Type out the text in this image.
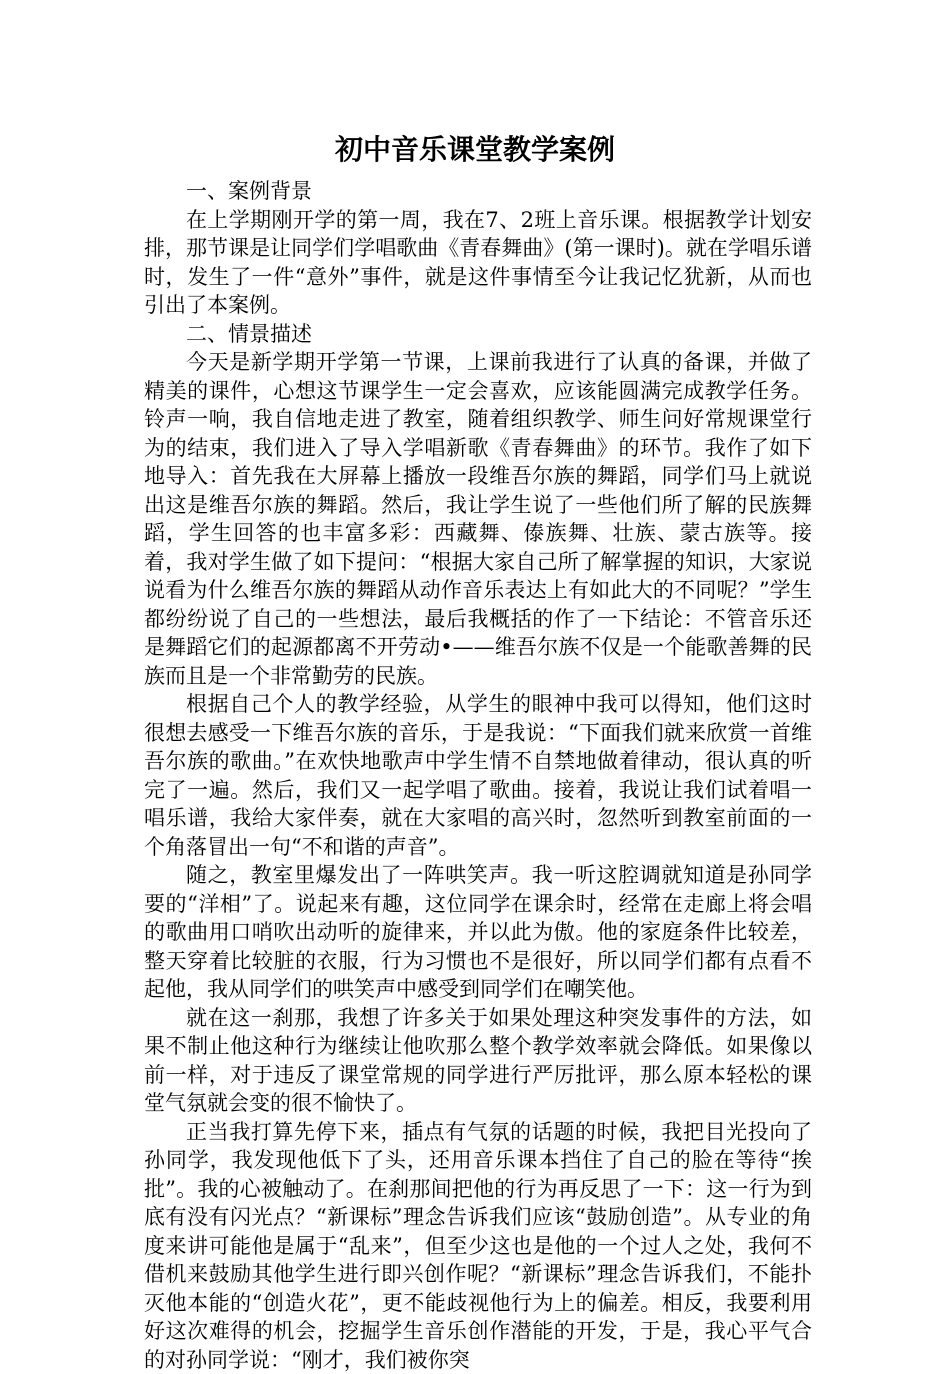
初中音乐课堂教学案例

一、案例背景

在上学期刚开学的第一周，我在7、2班上音乐课。根据教学计划安排，那节课是让同学们学唱歌曲《青春舞曲》(第一课时)。就在学唱乐谱时，发生了一件“意外”事件，就是这件事情至今让我记忆犹新，从而也引出了本案例。

二、情景描述

今天是新学期开学第一节课，上课前我进行了认真的备课，并做了精美的课件，心想这节课学生一定会喜欢，应该能圆满完成教学任务。铃声一响，我自信地走进了教室，随着组织教学、师生问好常规课堂行为的结束，我们进入了导入学唱新歌《青春舞曲》的环节。我作了如下地导入：首先我在大屏幕上播放一段维吾尔族的舞蹈，同学们马上就说出这是维吾尔族的舞蹈。然后，我让学生说了一些他们所了解的民族舞蹈，学生回答的也丰富多彩：西藏舞、傣族舞、壮族、蒙古族等。接着，我对学生做了如下提问：“根据大家自己所了解掌握的知识，大家说说看为什么维吾尔族的舞蹈从动作音乐表达上有如此大的不同呢？”学生都纷纷说了自己的一些想法，最后我概括的作了一下结论：不管音乐还是舞蹈它们的起源都离不开劳动•——维吾尔族不仅是一个能歌善舞的民族而且是一个非常勤劳的民族。

根据自己个人的教学经验，从学生的眼神中我可以得知，他们这时很想去感受一下维吾尔族的音乐，于是我说：“下面我们就来欣赏一首维吾尔族的歌曲。”在欢快地歌声中学生情不自禁地做着律动，很认真的听完了一遍。然后，我们又一起学唱了歌曲。接着，我说让我们试着唱一唱乐谱，我给大家伴奏，就在大家唱的高兴时，忽然听到教室前面的一个角落冒出一句“不和谐的声音”。

随之，教室里爆发出了一阵哄笑声。我一听这腔调就知道是孙同学要的“洋相”了。说起来有趣，这位同学在课余时，经常在走廊上将会唱的歌曲用口哨吹出动听的旋律来，并以此为傲。他的家庭条件比较差，整天穿着比较脏的衣服，行为习惯也不是很好，所以同学们都有点看不起他，我从同学们的哄笑声中感受到同学们在嘲笑他。

就在这一刹那，我想了许多关于如果处理这种突发事件的方法，如果不制止他这种行为继续让他吹那么整个教学效率就会降低。如果像以前一样，对于违反了课堂常规的同学进行严厉批评，那么原本轻松的课堂气氛就会变的很不愉快了。

正当我打算先停下来，插点有气氛的话题的时候，我把目光投向了孙同学，我发现他低下了头，还用音乐课本挡住了自己的脸在等待“挨批”。我的心被触动了。在刹那间把他的行为再反思了一下：这一行为到底有没有闪光点？“新课标”理念告诉我们应该“鼓励创造”。从专业的角度来讲可能他是属于“乱来”，但至少这也是他的一个过人之处，我何不借机来鼓励其他学生进行即兴创作呢？“新课标”理念告诉我们，不能扑灭他本能的“创造火花”，更不能歧视他行为上的偏差。相反，我要利用好这次难得的机会，挖掘学生音乐创作潜能的开发，于是，我心平气合的对孙同学说：“刚才，我们被你突
